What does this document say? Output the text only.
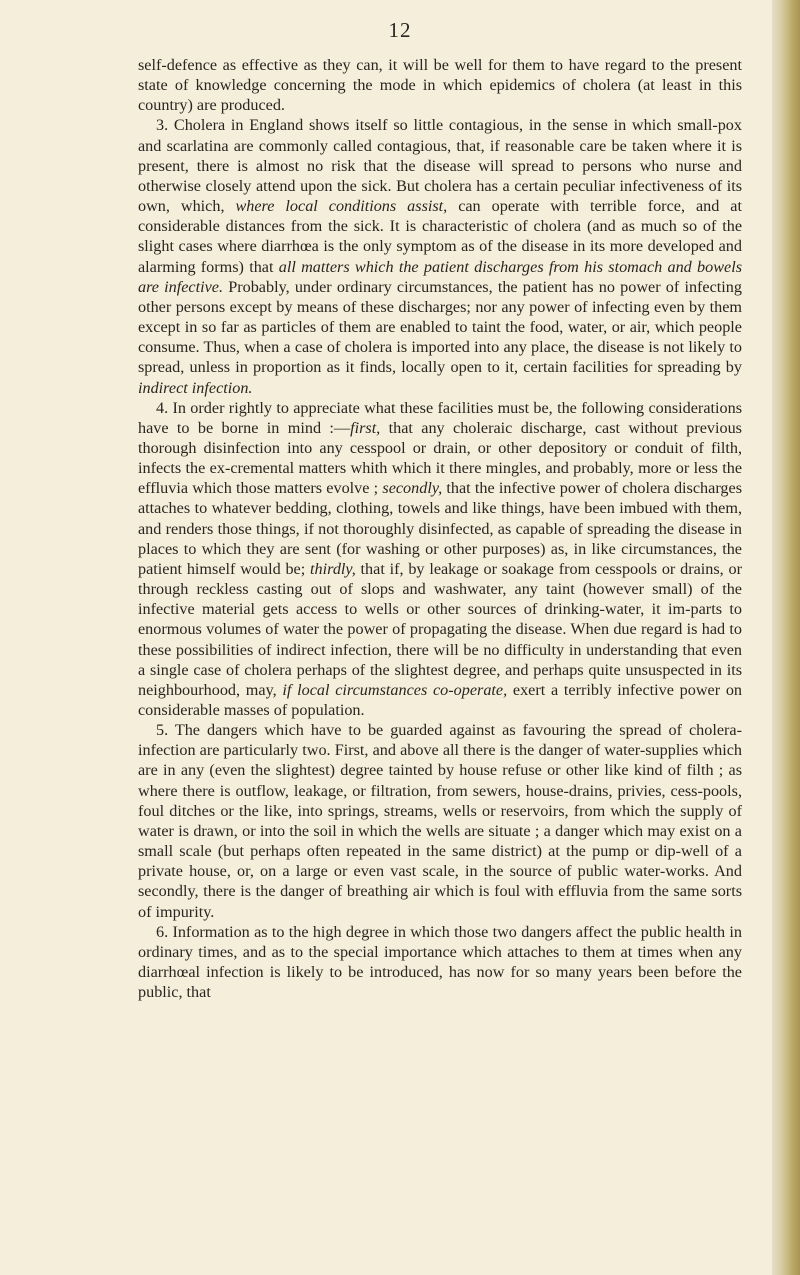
12

self-defence as effective as they can, it will be well for them to have regard to the present state of knowledge concerning the mode in which epidemics of cholera (at least in this country) are produced.

3. Cholera in England shows itself so little contagious, in the sense in which small-pox and scarlatina are commonly called contagious, that, if reasonable care be taken where it is present, there is almost no risk that the disease will spread to persons who nurse and otherwise closely attend upon the sick. But cholera has a certain peculiar infectiveness of its own, which, where local conditions assist, can operate with terrible force, and at considerable distances from the sick. It is characteristic of cholera (and as much so of the slight cases where diarrhœa is the only symptom as of the disease in its more developed and alarming forms) that all matters which the patient discharges from his stomach and bowels are infective. Probably, under ordinary circumstances, the patient has no power of infecting other persons except by means of these discharges; nor any power of infecting even by them except in so far as particles of them are enabled to taint the food, water, or air, which people consume. Thus, when a case of cholera is imported into any place, the disease is not likely to spread, unless in proportion as it finds, locally open to it, certain facilities for spreading by indirect infection.

4. In order rightly to appreciate what these facilities must be, the following considerations have to be borne in mind :—first, that any choleraic discharge, cast without previous thorough disinfection into any cesspool or drain, or other depository or conduit of filth, infects the ex-cremental matters whith which it there mingles, and probably, more or less the effluvia which those matters evolve ; secondly, that the infective power of cholera discharges attaches to whatever bedding, clothing, towels and like things, have been imbued with them, and renders those things, if not thoroughly disinfected, as capable of spreading the disease in places to which they are sent (for washing or other purposes) as, in like circumstances, the patient himself would be; thirdly, that if, by leakage or soakage from cesspools or drains, or through reckless casting out of slops and washwater, any taint (however small) of the infective material gets access to wells or other sources of drinking-water, it im-parts to enormous volumes of water the power of propagating the disease. When due regard is had to these possibilities of indirect infection, there will be no difficulty in understanding that even a single case of cholera perhaps of the slightest degree, and perhaps quite unsuspected in its neighbourhood, may, if local circumstances co-operate, exert a terribly infective power on considerable masses of population.

5. The dangers which have to be guarded against as favouring the spread of cholera-infection are particularly two. First, and above all there is the danger of water-supplies which are in any (even the slightest) degree tainted by house refuse or other like kind of filth ; as where there is outflow, leakage, or filtration, from sewers, house-drains, privies, cess-pools, foul ditches or the like, into springs, streams, wells or reservoirs, from which the supply of water is drawn, or into the soil in which the wells are situate ; a danger which may exist on a small scale (but perhaps often repeated in the same district) at the pump or dip-well of a private house, or, on a large or even vast scale, in the source of public water-works. And secondly, there is the danger of breathing air which is foul with effluvia from the same sorts of impurity.

6. Information as to the high degree in which those two dangers affect the public health in ordinary times, and as to the special importance which attaches to them at times when any diarrhœal infection is likely to be introduced, has now for so many years been before the public, that
